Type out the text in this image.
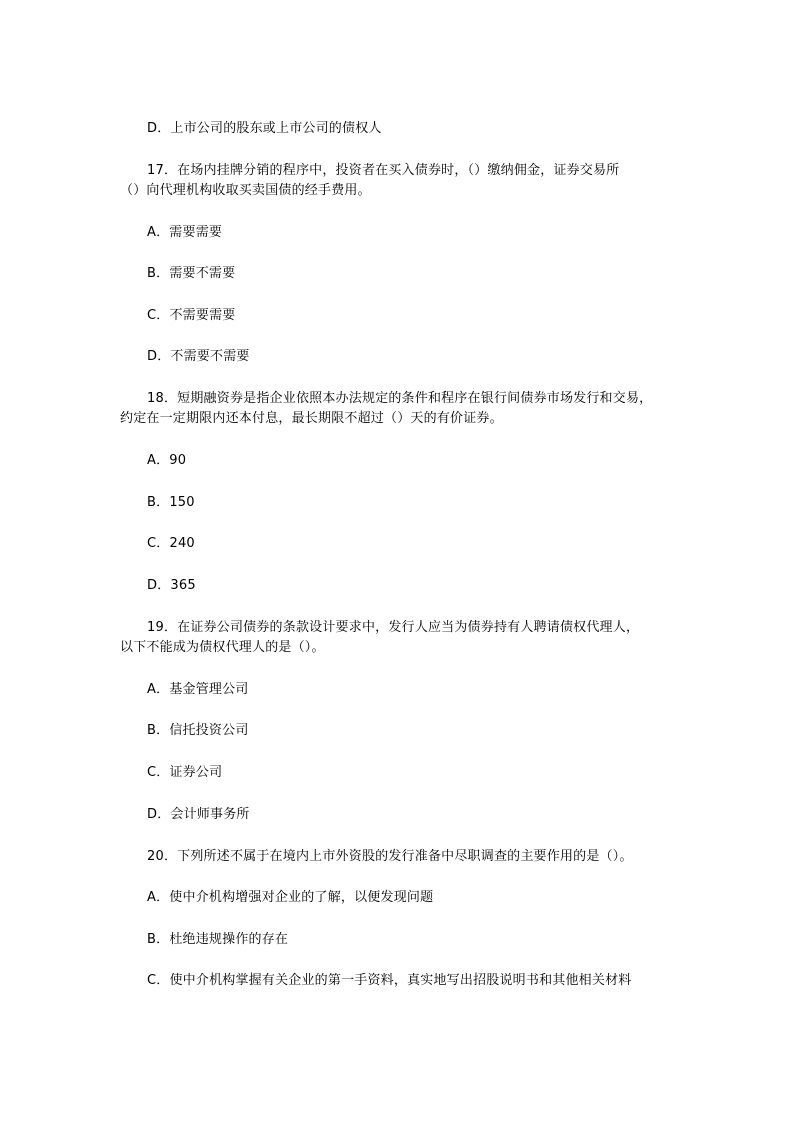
D．上市公司的股东或上市公司的债权人
17．在场内挂牌分销的程序中，投资者在买入债券时，（）缴纳佣金，证券交易所
（）向代理机构收取买卖国债的经手费用。
A．需要需要
B．需要不需要
C．不需要需要
D．不需要不需要
18．短期融资券是指企业依照本办法规定的条件和程序在银行间债券市场发行和交易，
约定在一定期限内还本付息，最长期限不超过（）天的有价证券。
A．90
B．150
C．240
D．365
19．在证券公司债券的条款设计要求中，发行人应当为债券持有人聘请债权代理人，
以下不能成为债权代理人的是（）。
A．基金管理公司
B．信托投资公司
C．证券公司
D．会计师事务所
20．下列所述不属于在境内上市外资股的发行准备中尽职调查的主要作用的是（）。
A．使中介机构增强对企业的了解，以便发现问题
B．杜绝违规操作的存在
C．使中介机构掌握有关企业的第一手资料，真实地写出招股说明书和其他相关材料
